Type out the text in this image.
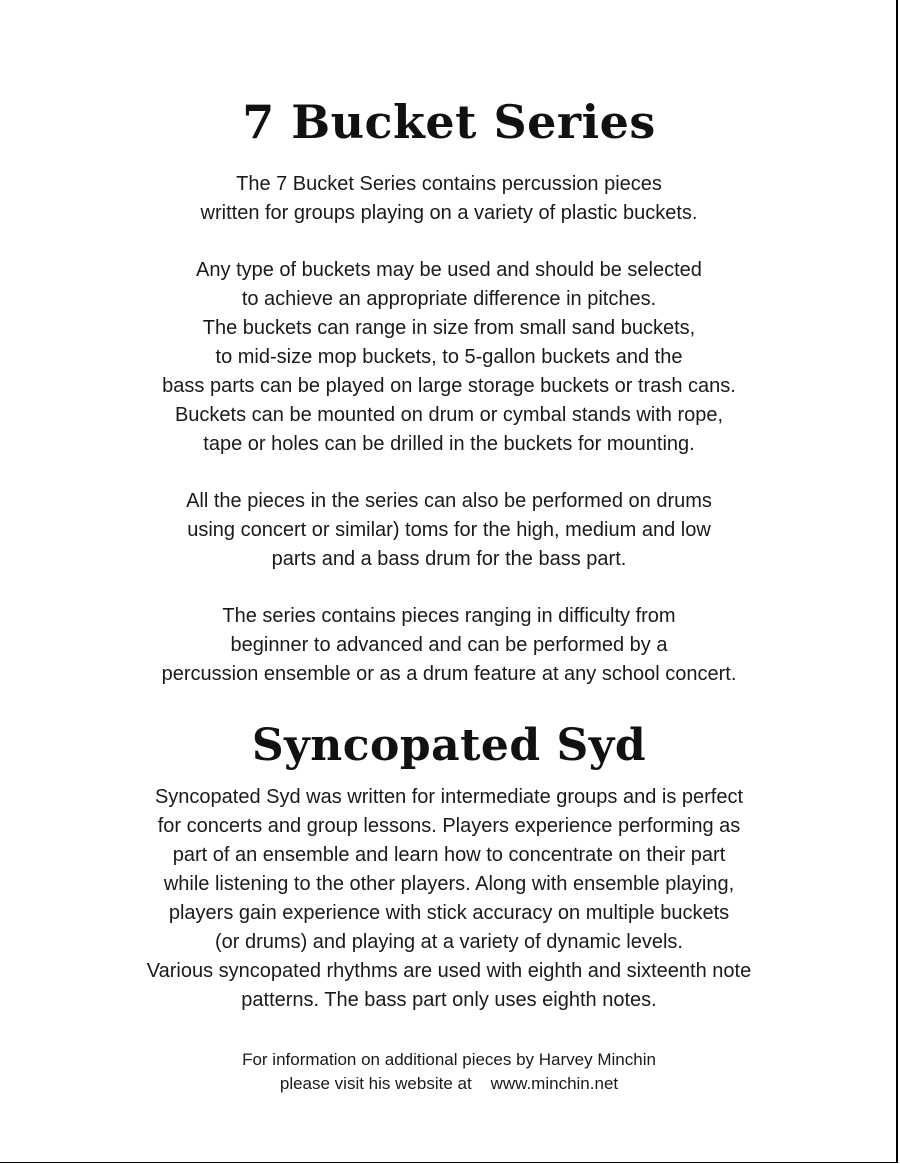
7 Bucket Series
The 7 Bucket Series contains percussion pieces
written for groups playing on a variety of plastic buckets.
Any type of buckets may be used and should be selected
to achieve an appropriate difference in pitches.
The buckets can range in size from small sand buckets,
to mid-size mop buckets, to 5-gallon buckets and the
bass parts can be played on large storage buckets or trash cans.
Buckets can be mounted on drum or cymbal stands with rope,
tape or holes can be drilled in the buckets for mounting.
All the pieces in the series can also be performed on drums
using concert or similar) toms for the high, medium and low
parts and a bass drum for the bass part.
The series contains pieces ranging in difficulty from
beginner to advanced and can be performed by a
percussion ensemble or as a drum feature at any school concert.
Syncopated Syd
Syncopated Syd was written for intermediate groups and is perfect
for concerts and group lessons. Players experience performing as
part of an ensemble and learn how to concentrate on their part
while listening to the other players. Along with ensemble playing,
players gain experience with stick accuracy on multiple buckets
(or drums) and playing at a variety of dynamic levels.
Various syncopated rhythms are used with eighth and sixteenth note
patterns. The bass part only uses eighth notes.
For information on additional pieces by Harvey Minchin
please visit his website at    www.minchin.net
